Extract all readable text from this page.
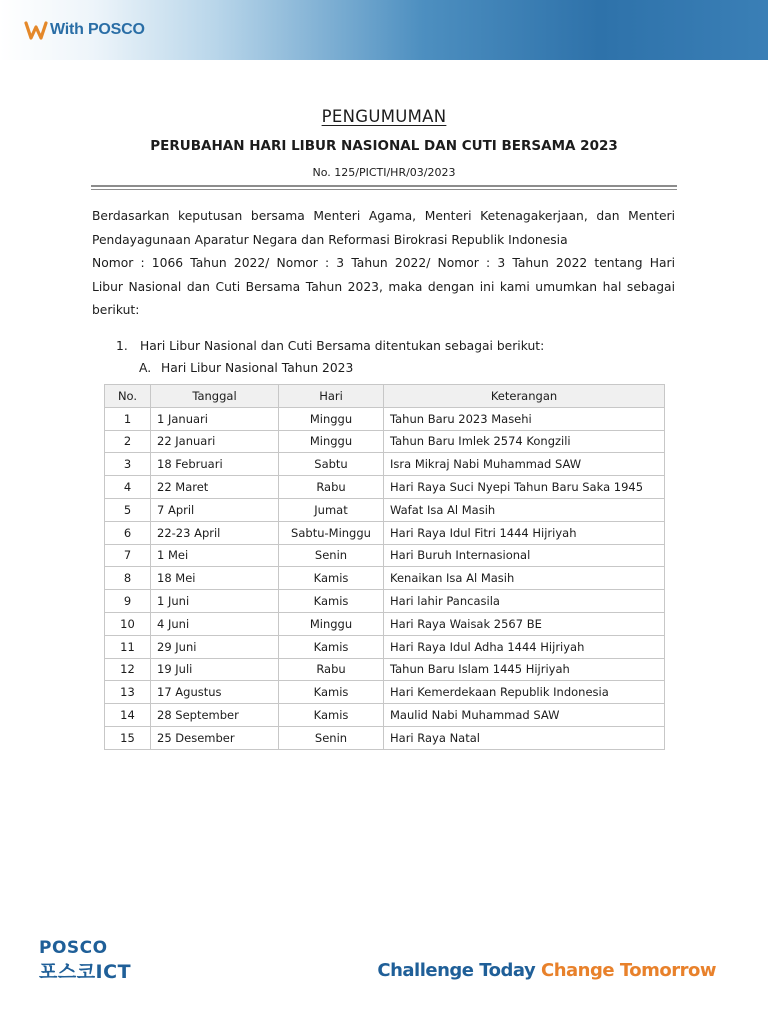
With POSCO
PENGUMUMAN
PERUBAHAN HARI LIBUR NASIONAL DAN CUTI BERSAMA 2023
No. 125/PICTI/HR/03/2023
Berdasarkan keputusan bersama Menteri Agama, Menteri Ketenagakerjaan, dan Menteri
Pendayagunaan Aparatur Negara dan Reformasi Birokrasi Republik Indonesia
Nomor : 1066 Tahun 2022/ Nomor : 3 Tahun 2022/ Nomor : 3 Tahun 2022 tentang Hari
Libur Nasional dan Cuti Bersama Tahun 2023, maka dengan ini kami umumkan hal sebagai
berikut:
1. Hari Libur Nasional dan Cuti Bersama ditentukan sebagai berikut:
A. Hari Libur Nasional Tahun 2023
No.	Tanggal	Hari	Keterangan
1	1 Januari	Minggu	Tahun Baru 2023 Masehi
2	22 Januari	Minggu	Tahun Baru Imlek 2574 Kongzili
3	18 Februari	Sabtu	Isra Mikraj Nabi Muhammad SAW
4	22 Maret	Rabu	Hari Raya Suci Nyepi Tahun Baru Saka 1945
5	7 April	Jumat	Wafat Isa Al Masih
6	22-23 April	Sabtu-Minggu	Hari Raya Idul Fitri 1444 Hijriyah
7	1 Mei	Senin	Hari Buruh Internasional
8	18 Mei	Kamis	Kenaikan Isa Al Masih
9	1 Juni	Kamis	Hari lahir Pancasila
10	4 Juni	Minggu	Hari Raya Waisak 2567 BE
11	29 Juni	Kamis	Hari Raya Idul Adha 1444 Hijriyah
12	19 Juli	Rabu	Tahun Baru Islam 1445 Hijriyah
13	17 Agustus	Kamis	Hari Kemerdekaan Republik Indonesia
14	28 September	Kamis	Maulid Nabi Muhammad SAW
15	25 Desember	Senin	Hari Raya Natal
POSCO
포스코ICT	Challenge Today Change Tomorrow
